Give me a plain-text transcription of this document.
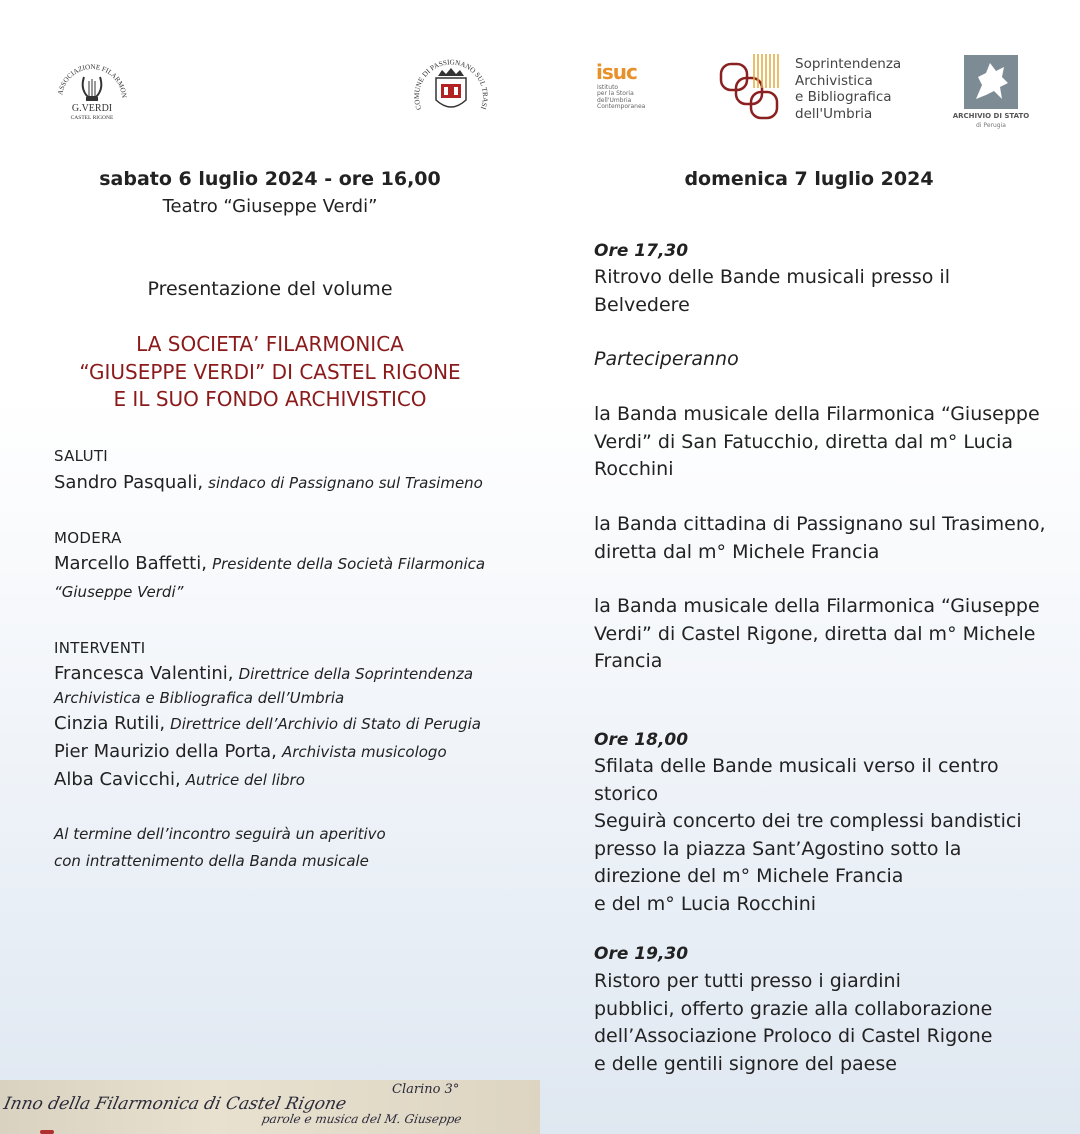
ASSOCIAZIONE FILARMON
G.VERDI
CASTEL RIGONE
COMUNE DI PASSIGNANO SUL TRASI
isuc
Istituto
per la Storia
dell'Umbria
Contemporanea
Soprintendenza
Archivistica
e Bibliografica
dell'Umbria	ARCHIVIO DI STATO
di Perugia
sabato 6 luglio 2024 - ore 16,00
Teatro “Giuseppe Verdi”
Presentazione del volume
LA SOCIETA’ FILARMONICA
“GIUSEPPE VERDI” DI CASTEL RIGONE
E IL SUO FONDO ARCHIVISTICO
SALUTI
Sandro Pasquali, sindaco di Passignano sul Trasimeno
MODERA
Marcello Baffetti, Presidente della Società Filarmonica
“Giuseppe Verdi”
INTERVENTI
Francesca Valentini, Direttrice della Soprintendenza
Archivistica e Bibliografica dell’Umbria
Cinzia Rutili, Direttrice dell’Archivio di Stato di Perugia
Pier Maurizio della Porta, Archivista musicologo
Alba Cavicchi, Autrice del libro
Al termine dell’incontro seguirà un aperitivo
con intrattenimento della Banda musicale
domenica 7 luglio 2024
Ore 17,30
Ritrovo delle Bande musicali presso il
Belvedere
Parteciperanno
la Banda musicale della Filarmonica “Giuseppe
Verdi” di San Fatucchio, diretta dal m° Lucia
Rocchini
la Banda cittadina di Passignano sul Trasimeno,
diretta dal m° Michele Francia
la Banda musicale della Filarmonica “Giuseppe
Verdi” di Castel Rigone, diretta dal m° Michele
Francia
Ore 18,00
Sfilata delle Bande musicali verso il centro
storico
Seguirà concerto dei tre complessi bandistici
presso la piazza Sant’Agostino sotto la
direzione del m° Michele Francia
e del m° Lucia Rocchini
Ore 19,30
Ristoro per tutti presso i giardini
pubblici, offerto grazie alla collaborazione
dell’Associazione Proloco di Castel Rigone
e delle gentili signore del paese
Inno della Filarmonica di Castel Rigone
Clarino 3°
parole e musica del M. Giuseppe
